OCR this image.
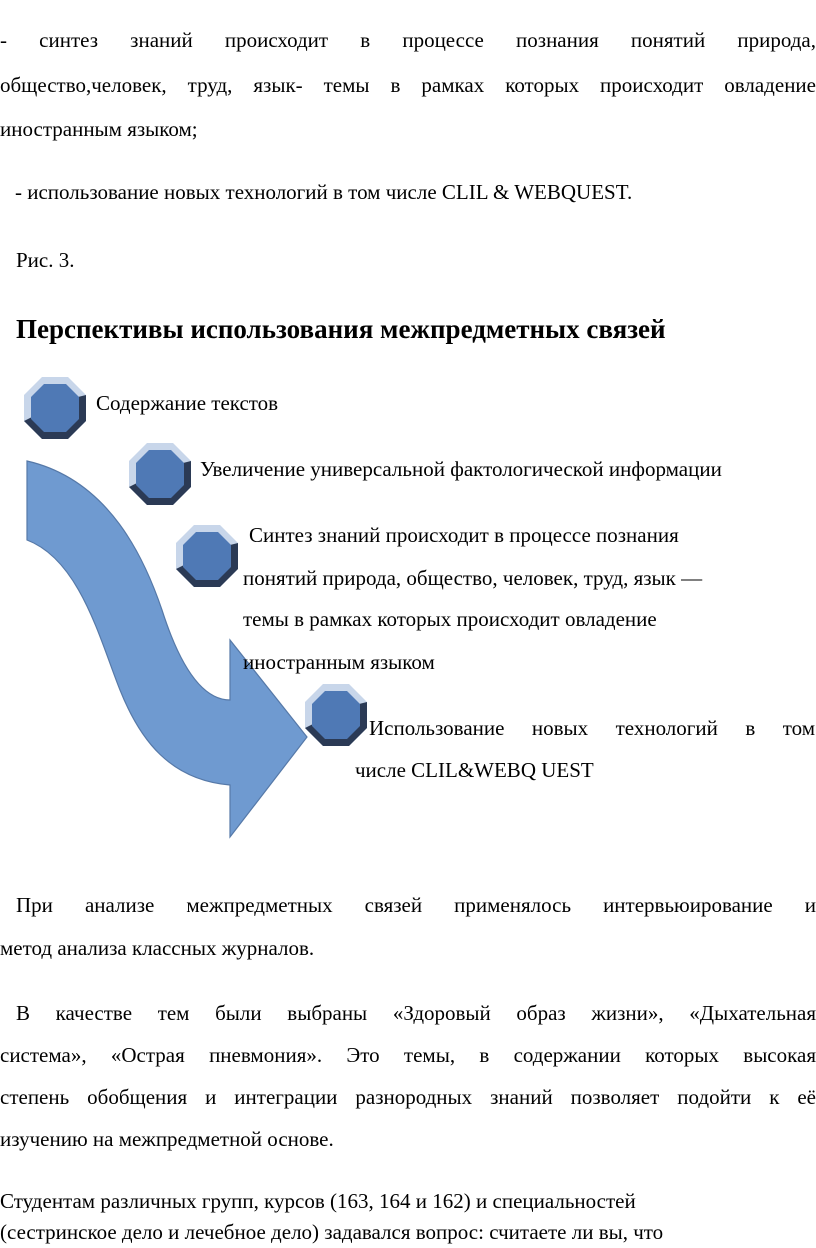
- синтез знаний происходит в процессе познания понятий природа,
общество,человек, труд, язык- темы в рамках которых происходит овладение
иностранным языком;
- использование новых технологий в том числе CLIL & WEBQUEST.
Рис. 3.
Перспективы использования межпредметных связей
Содержание текстов
Увеличение универсальной фактологической информации
Синтез знаний происходит в процессе познания
понятий природа, общество, человек, труд, язык —
темы в рамках которых происходит овладение
иностранным языком
Использование новых технологий в том
числе CLIL&WEBQ UEST
При анализе межпредметных связей применялось интервьюирование и
метод анализа классных журналов.
В качестве тем были выбраны «Здоровый образ жизни», «Дыхательная
система», «Острая пневмония». Это темы, в содержании которых высокая
степень обобщения и интеграции разнородных знаний позволяет подойти к её
изучению на межпредметной основе.
Студентам различных групп, курсов (163, 164 и 162) и специальностей
(сестринское дело и лечебное дело) задавался вопрос: считаете ли вы, что
